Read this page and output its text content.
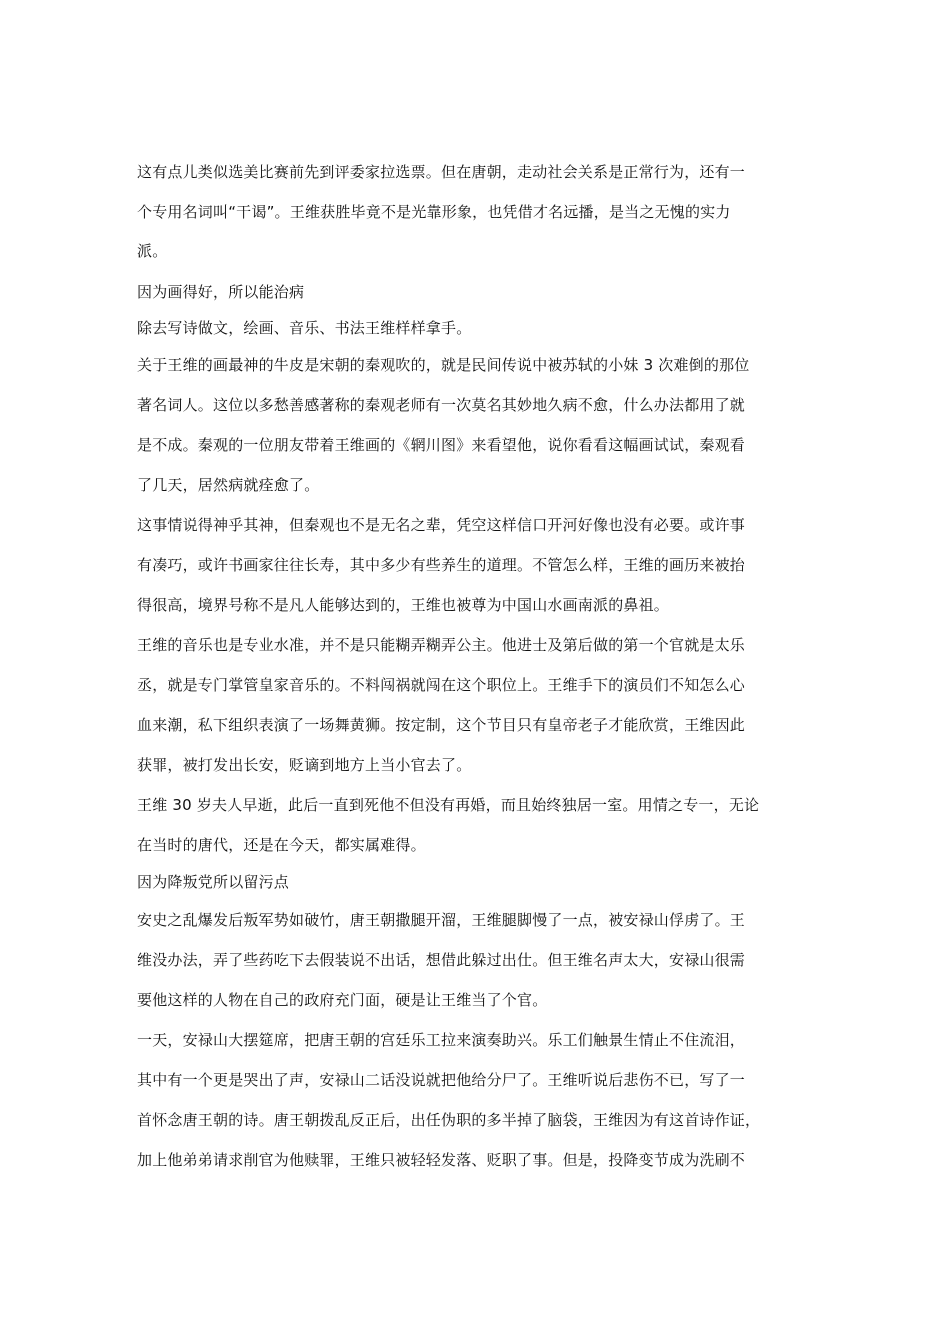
这有点儿类似选美比赛前先到评委家拉选票。但在唐朝，走动社会关系是正常行为，还有一
个专用名词叫“干谒”。王维获胜毕竟不是光靠形象，也凭借才名远播，是当之无愧的实力
派。
因为画得好，所以能治病
除去写诗做文，绘画、音乐、书法王维样样拿手。
关于王维的画最神的牛皮是宋朝的秦观吹的，就是民间传说中被苏轼的小妹 3 次难倒的那位
著名词人。这位以多愁善感著称的秦观老师有一次莫名其妙地久病不愈，什么办法都用了就
是不成。秦观的一位朋友带着王维画的《辋川图》来看望他，说你看看这幅画试试，秦观看
了几天，居然病就痊愈了。
这事情说得神乎其神，但秦观也不是无名之辈，凭空这样信口开河好像也没有必要。或许事
有凑巧，或许书画家往往长寿，其中多少有些养生的道理。不管怎么样，王维的画历来被抬
得很高，境界号称不是凡人能够达到的，王维也被尊为中国山水画南派的鼻祖。
王维的音乐也是专业水准，并不是只能糊弄糊弄公主。他进士及第后做的第一个官就是太乐
丞，就是专门掌管皇家音乐的。不料闯祸就闯在这个职位上。王维手下的演员们不知怎么心
血来潮，私下组织表演了一场舞黄狮。按定制，这个节目只有皇帝老子才能欣赏，王维因此
获罪，被打发出长安，贬谪到地方上当小官去了。
王维 30 岁夫人早逝，此后一直到死他不但没有再婚，而且始终独居一室。用情之专一，无论
在当时的唐代，还是在今天，都实属难得。
因为降叛党所以留污点
安史之乱爆发后叛军势如破竹，唐王朝撒腿开溜，王维腿脚慢了一点，被安禄山俘虏了。王
维没办法，弄了些药吃下去假装说不出话，想借此躲过出仕。但王维名声太大，安禄山很需
要他这样的人物在自己的政府充门面，硬是让王维当了个官。
一天，安禄山大摆筵席，把唐王朝的宫廷乐工拉来演奏助兴。乐工们触景生情止不住流泪，
其中有一个更是哭出了声，安禄山二话没说就把他给分尸了。王维听说后悲伤不已，写了一
首怀念唐王朝的诗。唐王朝拨乱反正后，出任伪职的多半掉了脑袋，王维因为有这首诗作证，
加上他弟弟请求削官为他赎罪，王维只被轻轻发落、贬职了事。但是，投降变节成为洗刷不
